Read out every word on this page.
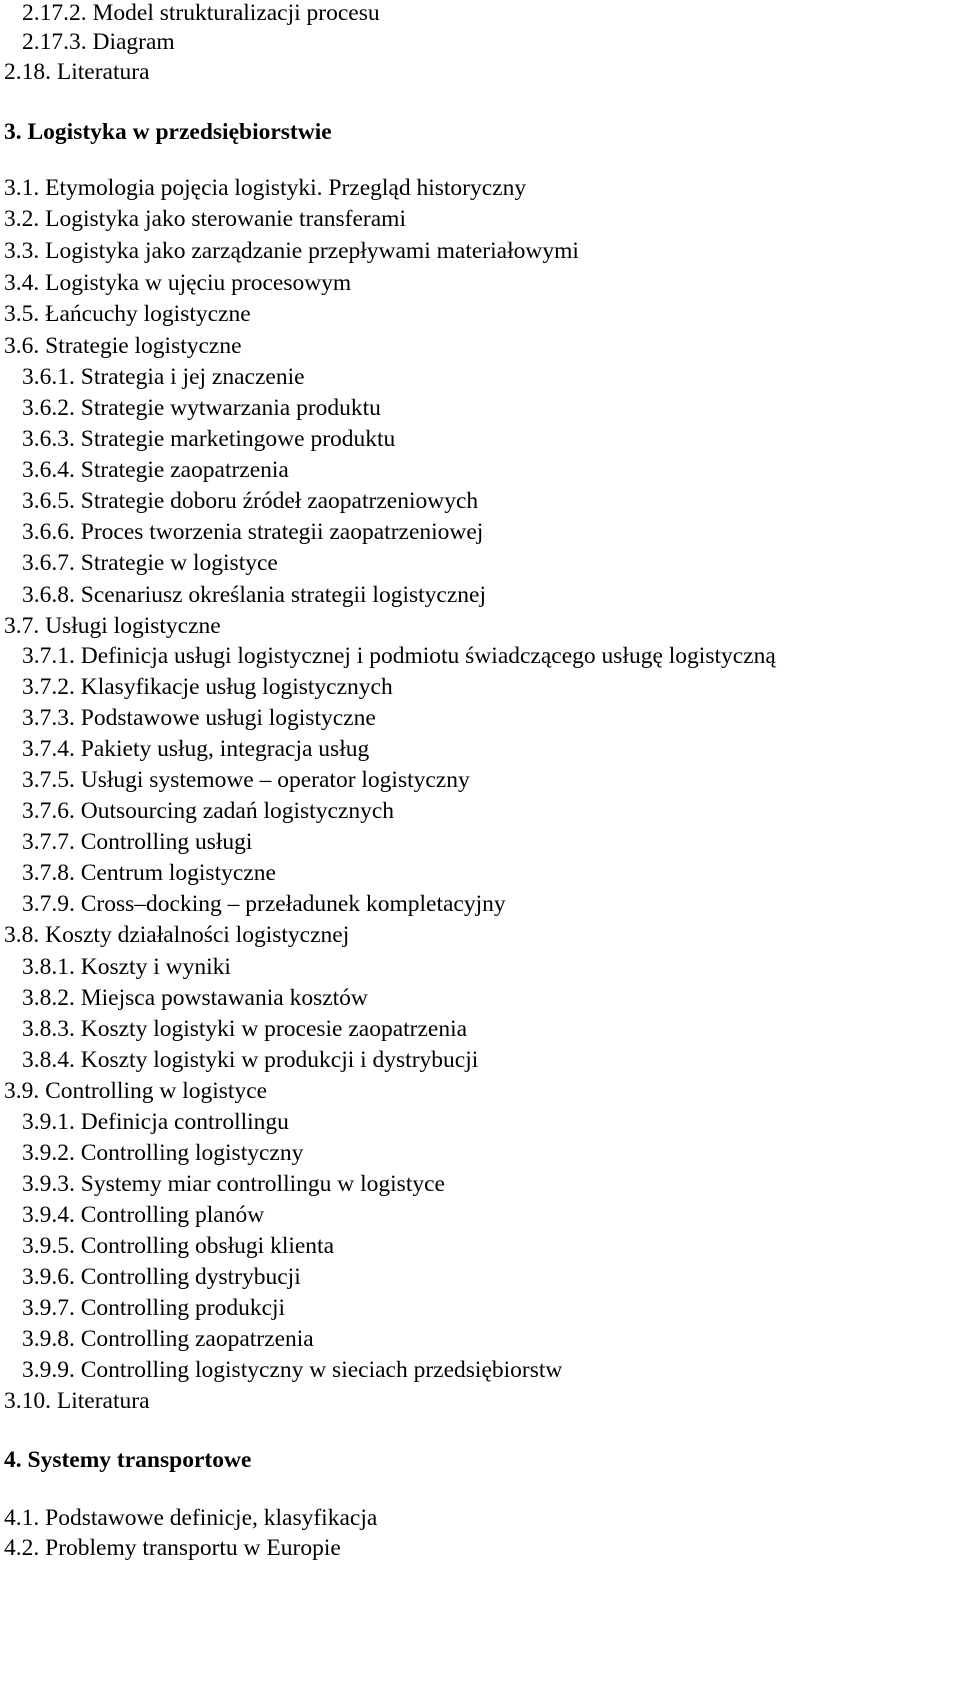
2.17.2. Model strukturalizacji procesu
2.17.3. Diagram
2.18. Literatura
3. Logistyka w przedsiębiorstwie
3.1. Etymologia pojęcia logistyki. Przegląd historyczny
3.2. Logistyka jako sterowanie transferami
3.3. Logistyka jako zarządzanie przepływami materiałowymi
3.4. Logistyka w ujęciu procesowym
3.5. Łańcuchy logistyczne
3.6. Strategie logistyczne
3.6.1. Strategia i jej znaczenie
3.6.2. Strategie wytwarzania produktu
3.6.3. Strategie marketingowe produktu
3.6.4. Strategie zaopatrzenia
3.6.5. Strategie doboru źródeł zaopatrzeniowych
3.6.6. Proces tworzenia strategii zaopatrzeniowej
3.6.7. Strategie w logistyce
3.6.8. Scenariusz określania strategii logistycznej
3.7. Usługi logistyczne
3.7.1. Definicja usługi logistycznej i podmiotu świadczącego usługę logistyczną
3.7.2. Klasyfikacje usług logistycznych
3.7.3. Podstawowe usługi logistyczne
3.7.4. Pakiety usług, integracja usług
3.7.5. Usługi systemowe – operator logistyczny
3.7.6. Outsourcing zadań logistycznych
3.7.7. Controlling usługi
3.7.8. Centrum logistyczne
3.7.9. Cross–docking – przeładunek kompletacyjny
3.8. Koszty działalności logistycznej
3.8.1. Koszty i wyniki
3.8.2. Miejsca powstawania kosztów
3.8.3. Koszty logistyki w procesie zaopatrzenia
3.8.4. Koszty logistyki w produkcji i dystrybucji
3.9. Controlling w logistyce
3.9.1. Definicja controllingu
3.9.2. Controlling logistyczny
3.9.3. Systemy miar controllingu w logistyce
3.9.4. Controlling planów
3.9.5. Controlling obsługi klienta
3.9.6. Controlling dystrybucji
3.9.7. Controlling produkcji
3.9.8. Controlling zaopatrzenia
3.9.9. Controlling logistyczny w sieciach przedsiębiorstw
3.10. Literatura
4. Systemy transportowe
4.1. Podstawowe definicje, klasyfikacja
4.2. Problemy transportu w Europie
